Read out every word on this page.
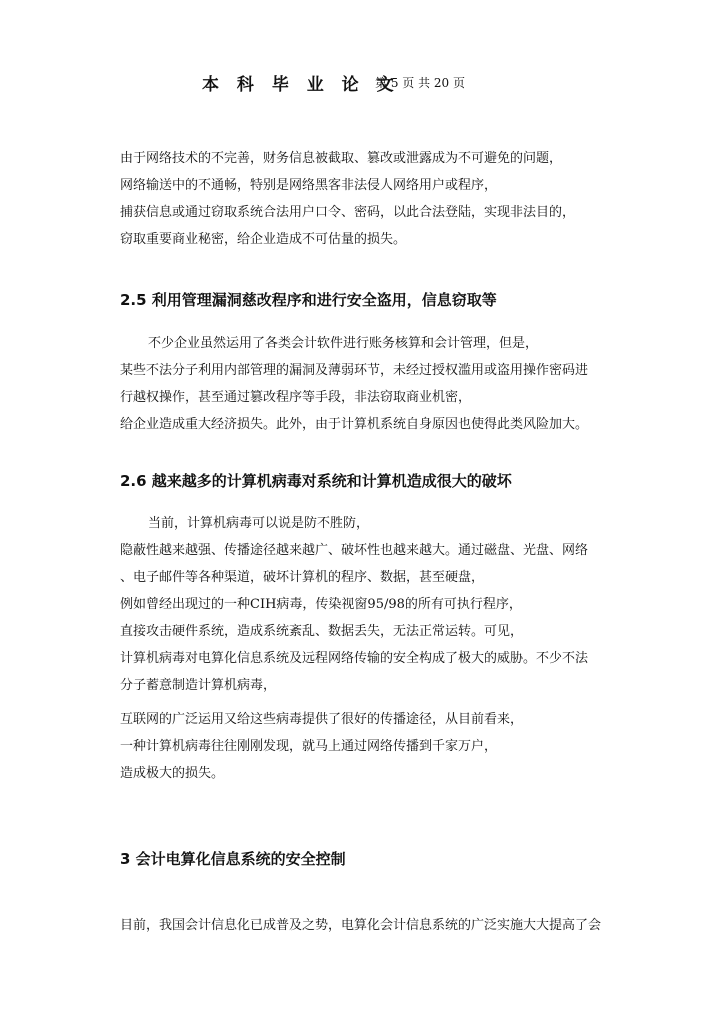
本 科 毕 业 论 文
第 5 页 共 20 页
由于网络技术的不完善，财务信息被截取、篡改或泄露成为不可避免的问题，
网络输送中的不通畅，特别是网络黑客非法侵人网络用户或程序，
捕获信息或通过窃取系统合法用户口令、密码，以此合法登陆，实现非法目的，
窃取重要商业秘密，给企业造成不可估量的损失。
2.5 利用管理漏洞慈改程序和进行安全盗用，信息窃取等
不少企业虽然运用了各类会计软件进行账务核算和会计管理，但是，
某些不法分子利用内部管理的漏洞及薄弱环节，未经过授权滥用或盗用操作密码进
行越权操作，甚至通过篡改程序等手段，非法窃取商业机密，
给企业造成重大经济损失。此外，由于计算机系统自身原因也使得此类风险加大。
2.6 越来越多的计算机病毒对系统和计算机造成很大的破坏
当前，计算机病毒可以说是防不胜防，
隐蔽性越来越强、传播途径越来越广、破坏性也越来越大。通过磁盘、光盘、网络
、电子邮件等各种渠道，破坏计算机的程序、数据，甚至硬盘，
例如曾经出现过的一种CIH病毒，传染视窗95/98的所有可执行程序，
直接攻击硬件系统，造成系统紊乱、数据丢失，无法正常运转。可见，
计算机病毒对电算化信息系统及远程网络传输的安全构成了极大的威胁。不少不法
分子蓄意制造计算机病毒，
互联网的广泛运用又给这些病毒提供了很好的传播途径，从目前看来，
一种计算机病毒往往刚刚发现，就马上通过网络传播到千家万户，
造成极大的损失。
3 会计电算化信息系统的安全控制
目前，我国会计信息化已成普及之势，电算化会计信息系统的广泛实施大大提高了会
